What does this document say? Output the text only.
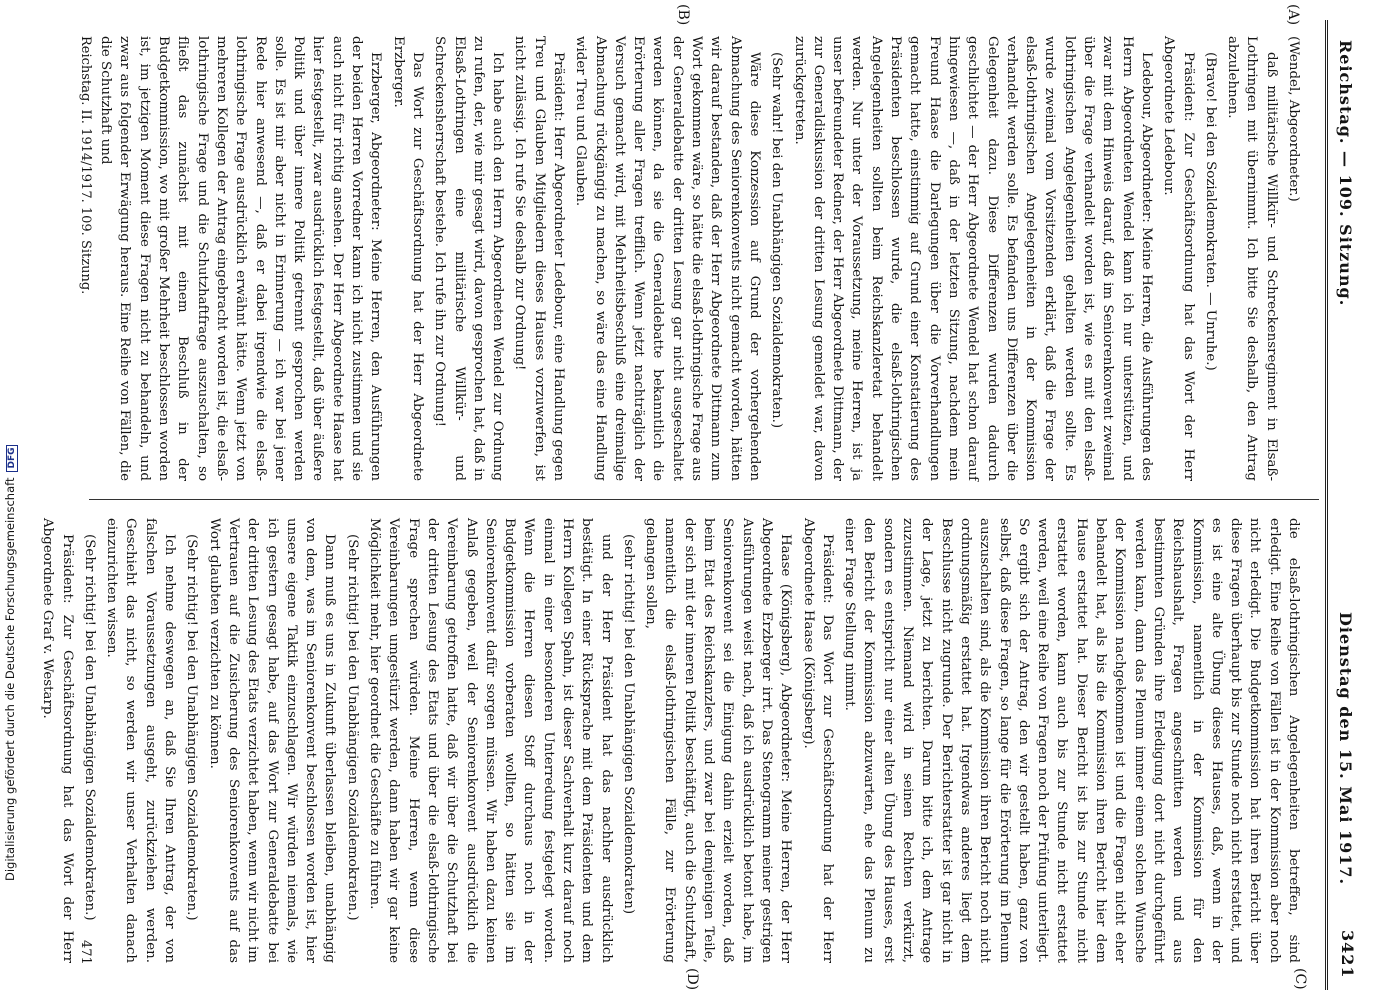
Reichstag. — 109. Sitzung.
Dienstag den 15. Mai 1917.
3421
(A)
(B)
(C)
(D)

(Wendel, Abgeordneter.)

daß militärische Willkür- und Schreckensregiment in Elsaß-Lothringen mit übernimmt. Ich bitte Sie deshalb, den Antrag abzulehnen.

(Bravo! bei den Sozialdemokraten. — Unruhe.)

Präsident: Zur Geschäftsordnung hat das Wort der Herr Abgeordnete Ledebour.

Ledebour, Abgeordneter: Meine Herren, die Ausführungen des Herrn Abgeordneten Wendel kann ich nur unterstützen, und zwar mit dem Hinweis darauf, daß im Seniorenkonvent zweimal über die Frage verhandelt worden ist, wie es mit den elsaß-lothringischen Angelegenheiten gehalten werden sollte. Es wurde zweimal vom Vorsitzenden erklärt, daß die Frage der elsaß-lothringischen Angelegenheiten in der Kommission verhandelt werden solle. Es befanden uns Differenzen über die Gelegenheit dazu. Diese Differenzen wurden dadurch geschlichtet — der Herr Abgeordnete Wendel hat schon darauf hingewiesen —, daß in der letzten Sitzung, nachdem mein Freund Haase die Darlegungen über die Vorverhandlungen gemacht hatte, einstimmig auf Grund einer Konstatierung des Präsidenten beschlossen wurde, die elsaß-lothringischen Angelegenheiten sollten beim Reichskanzleretat behandelt werden. Nur unter der Voraussetzung, meine Herren, ist ja unser befreundeter Redner, der Herr Abgeordnete Dittmann, der zur Generaldiskussion der dritten Lesung gemeldet war, davon zurückgetreten.

(Sehr wahr! bei den Unabhängigen Sozialdemokraten.)

Wäre diese Konzession auf Grund der vorhergehenden Abmachung des Seniorenkonvents nicht gemacht worden, hätten wir darauf bestanden, daß der Herr Abgeordnete Dittmann zum Wort gekommen wäre, so hätte die elsaß-lothringische Frage aus der Generaldebatte der dritten Lesung gar nicht ausgeschaltet werden können, da sie die Generaldebatte bekanntlich die Erörterung aller Fragen trefflich. Wenn jetzt nachträglich der Versuch gemacht wird, mit Mehrheitsbeschluß eine dreimalige Abmachung rückgängig zu machen, so wäre das eine Handlung wider Treu und Glauben.

Präsident: Herr Abgeordneter Ledebour, eine Handlung gegen Treu und Glauben Mitgliedern dieses Hauses vorzuwerfen, ist nicht zulässig. Ich rufe Sie deshalb zur Ordnung!

Ich habe auch den Herrn Abgeordneten Wendel zur Ordnung zu rufen, der, wie mir gesagt wird, davon gesprochen hat, daß in Elsaß-Lothringen eine militärische Willkür- und Schreckensherrschaft bestehe. Ich rufe ihn zur Ordnung!

Das Wort zur Geschäftsordnung hat der Herr Abgeordnete Erzberger.

Erzberger, Abgeordneter: Meine Herren, den Ausführungen der beiden Herren Vorredner kann ich nicht zustimmen und sie auch nicht für richtig ansehen. Der Herr Abgeordnete Haase hat hier festgestellt, zwar ausdrücklich festgestellt, daß über äußere Politik und über innere Politik getrennt gesprochen werden solle. Es ist mir aber nicht in Erinnerung — ich war bei jener Rede hier anwesend —, daß er dabei irgendwie die elsaß-lothringische Frage ausdrücklich erwähnt hätte. Wenn jetzt von mehreren Kollegen der Antrag eingebracht worden ist, die elsaß-lothringische Frage und die Schutzhaftfrage auszuschalten, so fließt das zunächst mit einem Beschluß in der Budgetkommission, wo mit großer Mehrheit beschlossen worden ist, im jetzigen Moment diese Fragen nicht zu behandeln, und zwar aus folgender Erwägung heraus. Eine Reihe von Fällen, die die Schutzhaft und

die elsaß-lothringischen Angelegenheiten betreffen, sind erledigt. Eine Reihe von Fällen ist in der Kommission aber noch nicht erledigt. Die Budgetkommission hat ihren Bericht über diese Fragen überhaupt bis zur Stunde noch nicht erstattet, und es ist eine alte Übung dieses Hauses, daß, wenn in der Kommission, namentlich in der Kommission für den Reichshaushalt, Fragen angeschnitten werden und aus bestimmten Gründen ihre Erledigung dort nicht durchgeführt werden kann, dann das Plenum immer einem solchen Wunsche der Kommission nachgekommen ist und die Fragen nicht eher behandelt hat, als bis die Kommission ihren Bericht hier dem Hause erstattet hat. Dieser Bericht ist bis zur Stunde nicht erstattet worden, kann auch bis zur Stunde nicht erstattet werden, weil eine Reihe von Fragen noch der Prüfung unterliegt. So ergibt sich der Antrag, den wir gestellt haben, ganz von selbst, daß diese Fragen, so lange für die Erörterung im Plenum auszuschalten sind, als die Kommission ihren Bericht noch nicht ordnungsmäßig erstattet hat. Irgendwas anderes liegt dem Beschlusse nicht zugrunde. Der Berichterstatter ist gar nicht in der Lage, jetzt zu berichten. Darum bitte ich, dem Antrage zuzustimmen. Niemand wird in seinen Rechten verkürzt, sondern es entspricht nur einer alten Übung des Hauses, erst den Bericht der Kommission abzuwarten, ehe das Plenum zu einer Frage Stellung nimmt.

Präsident: Das Wort zur Geschäftsordnung hat der Herr Abgeordnete Haase (Königsberg).

Haase (Königsberg), Abgeordneter: Meine Herren, der Herr Abgeordnete Erzberger irrt. Das Stenogramm meiner gestrigen Ausführungen weist nach, daß ich ausdrücklich betont habe, im Seniorenkonvent sei die Einigung dahin erzielt worden, daß beim Etat des Reichskanzlers, und zwar bei demjenigen Teile, der sich mit der inneren Politik beschäftigt, auch die Schutzhaft, namentlich die elsaß-lothringischen Fälle, zur Erörterung gelangen sollen,

(sehr richtig! bei den Unabhängigen Sozialdemokraten)

und der Herr Präsident hat das nachher ausdrücklich bestätigt. In einer Rücksprache mit dem Präsidenten und dem Herrn Kollegen Spahn, ist dieser Sachverhalt kurz darauf noch einmal in einer besonderen Unterredung festgelegt worden. Wenn die Herren diesen Stoff durchaus noch in der Budgetkommission vorberaten wollten, so hätten sie im Seniorenkonvent dafür sorgen müssen. Wir haben dazu keinen Anlaß gegeben, weil der Seniorenkonvent ausdrücklich die Vereinbarung getroffen hatte, daß wir über die Schutzhaft bei der dritten Lesung des Etats und über die elsaß-lothringische Frage sprechen würden. Meine Herren, wenn diese Vereinbarungen umgestürzt werden, dann haben wir gar keine Möglichkeit mehr, hier geordnet die Geschäfte zu führen.

(Sehr richtig! bei den Unabhängigen Sozialdemokraten.)

Dann muß es uns in Zukunft überlassen bleiben, unabhängig von dem, was im Seniorenkonvent beschlossen worden ist, hier unsere eigene Taktik einzuschlagen. Wir würden niemals, wie ich gestern gesagt habe, auf das Wort zur Generaldebatte bei der dritten Lesung des Etats verzichtet haben, wenn wir nicht im Vertrauen auf die Zusicherung des Seniorenkonvents auf das Wort glaubten verzichten zu können.

(Sehr richtig! bei den Unabhängigen Sozialdemokraten.)

Ich nehme deswegen an, daß Sie Ihren Antrag, der von falschen Voraussetzungen ausgeht, zurückziehen werden. Geschieht das nicht, so werden wir unser Verhalten danach einzurichten wissen.

(Sehr richtig! bei den Unabhängigen Sozialdemokraten.)

Präsident: Zur Geschäftsordnung hat das Wort der Herr Abgeordnete Graf v. Westarp.

Reichstag. II. 1914/1917. 109. Sitzung.
471
Digitalisierung gefördert durch die Deutsche ForschungsgemeinschaftDFG
